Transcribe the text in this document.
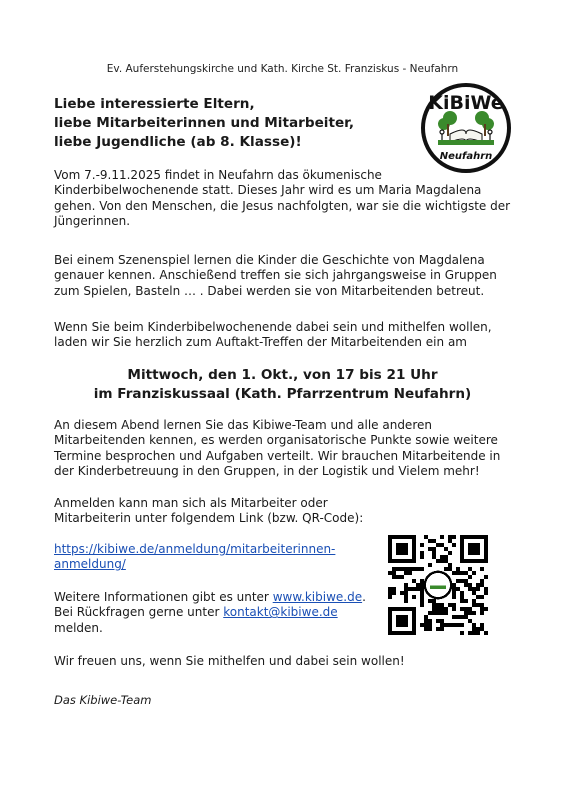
Ev. Auferstehungskirche und Kath. Kirche St. Franziskus - Neufahrn
Liebe interessierte Eltern,
liebe Mitarbeiterinnen und Mitarbeiter,
liebe Jugendliche (ab 8. Klasse)!
KiBiWe
Neufahrn

Vom 7.-9.11.2025 findet in Neufahrn das ökumenische Kinderbibelwochenende statt. Dieses Jahr wird es um Maria Magdalena gehen. Von den Menschen, die Jesus nachfolgten, war sie die wichtigste der Jüngerinnen.

Bei einem Szenenspiel lernen die Kinder die Geschichte von Magdalena genauer kennen. Anschießend treffen sie sich jahrgangsweise in Gruppen zum Spielen, Basteln … . Dabei werden sie von Mitarbeitenden betreut.

Wenn Sie beim Kinderbibelwochenende dabei sein und mithelfen wollen, laden wir Sie herzlich zum Auftakt-Treffen der Mitarbeitenden ein am

Mittwoch, den 1. Okt., von 17 bis 21 Uhr
im Franziskussaal (Kath. Pfarrzentrum Neufahrn)

An diesem Abend lernen Sie das Kibiwe-Team und alle anderen Mitarbeitenden kennen, es werden organisatorische Punkte sowie weitere Termine besprochen und Aufgaben verteilt. Wir brauchen Mitarbeitende in der Kinderbetreuung in den Gruppen, in der Logistik und Vielem mehr!

Anmelden kann man sich als Mitarbeiter oder Mitarbeiterin unter folgendem Link (bzw. QR-Code):

https://kibiwe.de/anmeldung/mitarbeiterinnen-
anmeldung/
Weitere Informationen gibt es unter www.kibiwe.de.
Bei Rückfragen gerne unter kontakt@kibiwe.de
melden.

Wir freuen uns, wenn Sie mithelfen und dabei sein wollen!

Das Kibiwe-Team
